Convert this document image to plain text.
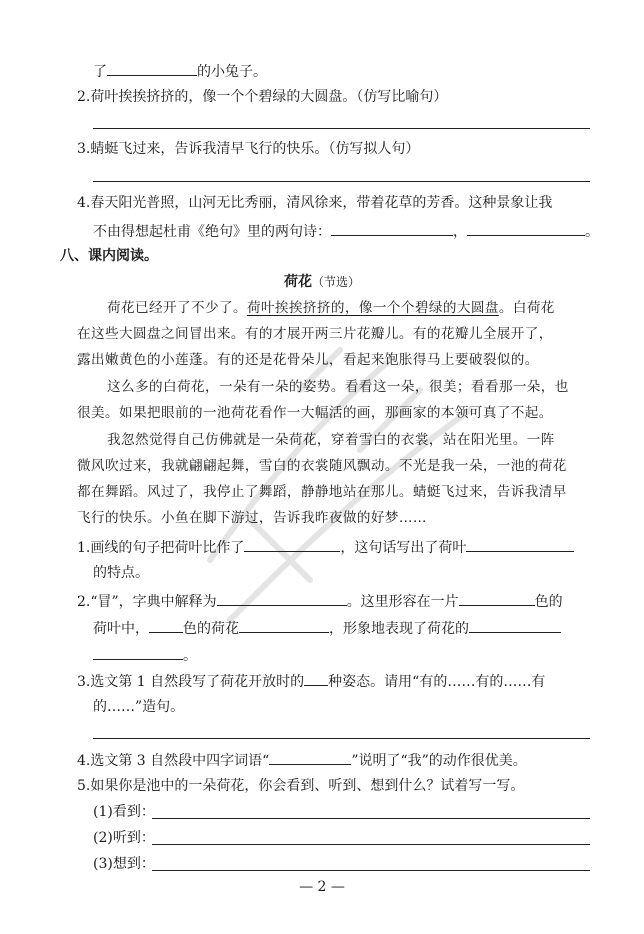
了	的小兔子。
2.荷叶挨挨挤挤的，像一个个碧绿的大圆盘。（仿写比喻句）
3.蜻蜓飞过来，告诉我清早飞行的快乐。（仿写拟人句）
4.春天阳光普照，山河无比秀丽，清风徐来，带着花草的芳香。这种景象让我
不由得想起杜甫《绝句》里的两句诗：	，	。
八、课内阅读。
荷花（节选）
荷花已经开了不少了。荷叶挨挨挤挤的，像一个个碧绿的大圆盘。白荷花
在这些大圆盘之间冒出来。有的才展开两三片花瓣儿。有的花瓣儿全展开了，
露出嫩黄色的小莲蓬。有的还是花骨朵儿，看起来饱胀得马上要破裂似的。
这么多的白荷花，一朵有一朵的姿势。看看这一朵，很美；看看那一朵，也
很美。如果把眼前的一池荷花看作一大幅活的画，那画家的本领可真了不起。
我忽然觉得自己仿佛就是一朵荷花，穿着雪白的衣裳，站在阳光里。一阵
微风吹过来，我就翩翩起舞，雪白的衣裳随风飘动。不光是我一朵，一池的荷花
都在舞蹈。风过了，我停止了舞蹈，静静地站在那儿。蜻蜓飞过来，告诉我清早
飞行的快乐。小鱼在脚下游过，告诉我昨夜做的好梦……
1.画线的句子把荷叶比作了	，这句话写出了荷叶
的特点。
2.“冒”，字典中解释为	。这里形容在一片	色的
荷叶中， 色的荷花	，形象地表现了荷花的
。
3.选文第 1 自然段写了荷花开放时的 种姿态。请用“有的……有的……有
的……”造句。
4.选文第 3 自然段中四字词语“	”说明了“我”的动作很优美。
5.如果你是池中的一朵荷花，你会看到、听到、想到什么？试着写一写。
(1)看到：
(2)听到：
(3)想到：
— 2 —
